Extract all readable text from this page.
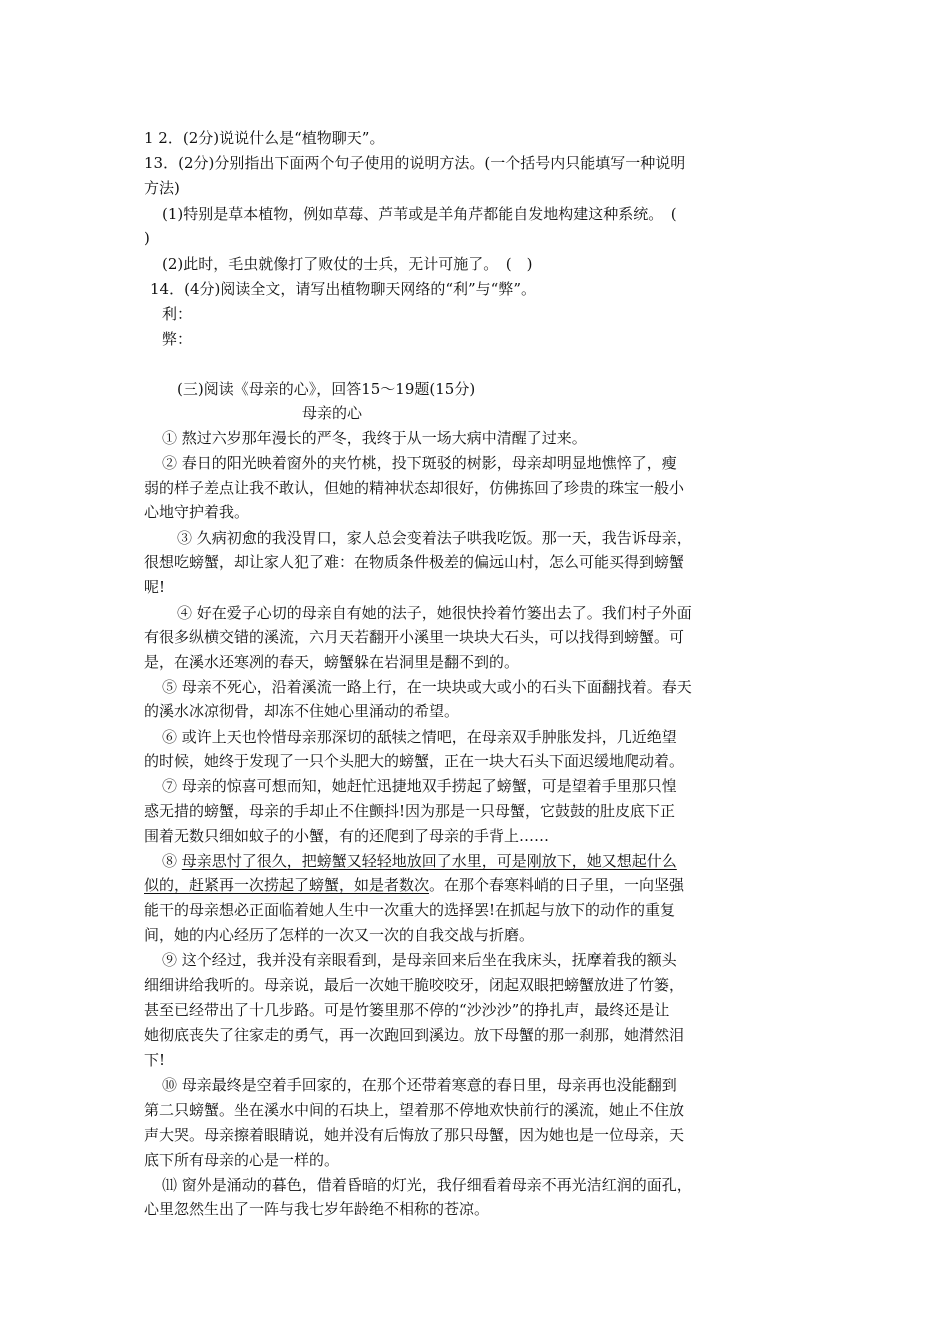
1 2．(2分)说说什么是“植物聊天”。
13．(2分)分别指出下面两个句子使用的说明方法。(一个括号内只能填写一种说明
方法)
(1)特别是草本植物，例如草莓、芦苇或是羊角芹都能自发地构建这种系统。　(
)
(2)此时，毛虫就像打了败仗的士兵，无计可施了。　(　)
14．(4分)阅读全文，请写出植物聊天网络的“利”与“弊”。
利：
弊：
(三)阅读《母亲的心》，回答15～19题(15分)
母亲的心
① 熬过六岁那年漫长的严冬，我终于从一场大病中清醒了过来。
② 春日的阳光映着窗外的夹竹桃，投下斑驳的树影，母亲却明显地憔悴了，瘦
弱的样子差点让我不敢认，但她的精神状态却很好，仿佛拣回了珍贵的珠宝一般小
心地守护着我。
③ 久病初愈的我没胃口，家人总会变着法子哄我吃饭。那一天，我告诉母亲，
很想吃螃蟹，却让家人犯了难：在物质条件极差的偏远山村，怎么可能买得到螃蟹
呢!
④ 好在爱子心切的母亲自有她的法子，她很快拎着竹篓出去了。我们村子外面
有很多纵横交错的溪流，六月天若翻开小溪里一块块大石头，可以找得到螃蟹。可
是，在溪水还寒冽的春天，螃蟹躲在岩洞里是翻不到的。
⑤ 母亲不死心，沿着溪流一路上行，在一块块或大或小的石头下面翻找着。春天
的溪水冰凉彻骨，却冻不住她心里涌动的希望。
⑥ 或许上天也怜惜母亲那深切的舐犊之情吧，在母亲双手肿胀发抖，几近绝望
的时候，她终于发现了一只个头肥大的螃蟹，正在一块大石头下面迟缓地爬动着。
⑦ 母亲的惊喜可想而知，她赶忙迅捷地双手捞起了螃蟹，可是望着手里那只惶
惑无措的螃蟹，母亲的手却止不住颤抖!因为那是一只母蟹，它鼓鼓的肚皮底下正
围着无数只细如蚊子的小蟹，有的还爬到了母亲的手背上……
⑧ 母亲思忖了很久，把螃蟹又轻轻地放回了水里，可是刚放下，她又想起什么
似的，赶紧再一次捞起了螃蟹，如是者数次。在那个春寒料峭的日子里，一向坚强
能干的母亲想必正面临着她人生中一次重大的选择罢!在抓起与放下的动作的重复
间，她的内心经历了怎样的一次又一次的自我交战与折磨。
⑨ 这个经过，我并没有亲眼看到，是母亲回来后坐在我床头，抚摩着我的额头
细细讲给我听的。母亲说，最后一次她干脆咬咬牙，闭起双眼把螃蟹放进了竹篓，
甚至已经带出了十几步路。可是竹篓里那不停的“沙沙沙”的挣扎声，最终还是让
她彻底丧失了往家走的勇气，再一次跑回到溪边。放下母蟹的那一刹那，她潸然泪
下!
⑩ 母亲最终是空着手回家的，在那个还带着寒意的春日里，母亲再也没能翻到
第二只螃蟹。坐在溪水中间的石块上，望着那不停地欢快前行的溪流，她止不住放
声大哭。母亲擦着眼睛说，她并没有后悔放了那只母蟹，因为她也是一位母亲，天
底下所有母亲的心是一样的。
⑾ 窗外是涌动的暮色，借着昏暗的灯光，我仔细看着母亲不再光洁红润的面孔，
心里忽然生出了一阵与我七岁年龄绝不相称的苍凉。
